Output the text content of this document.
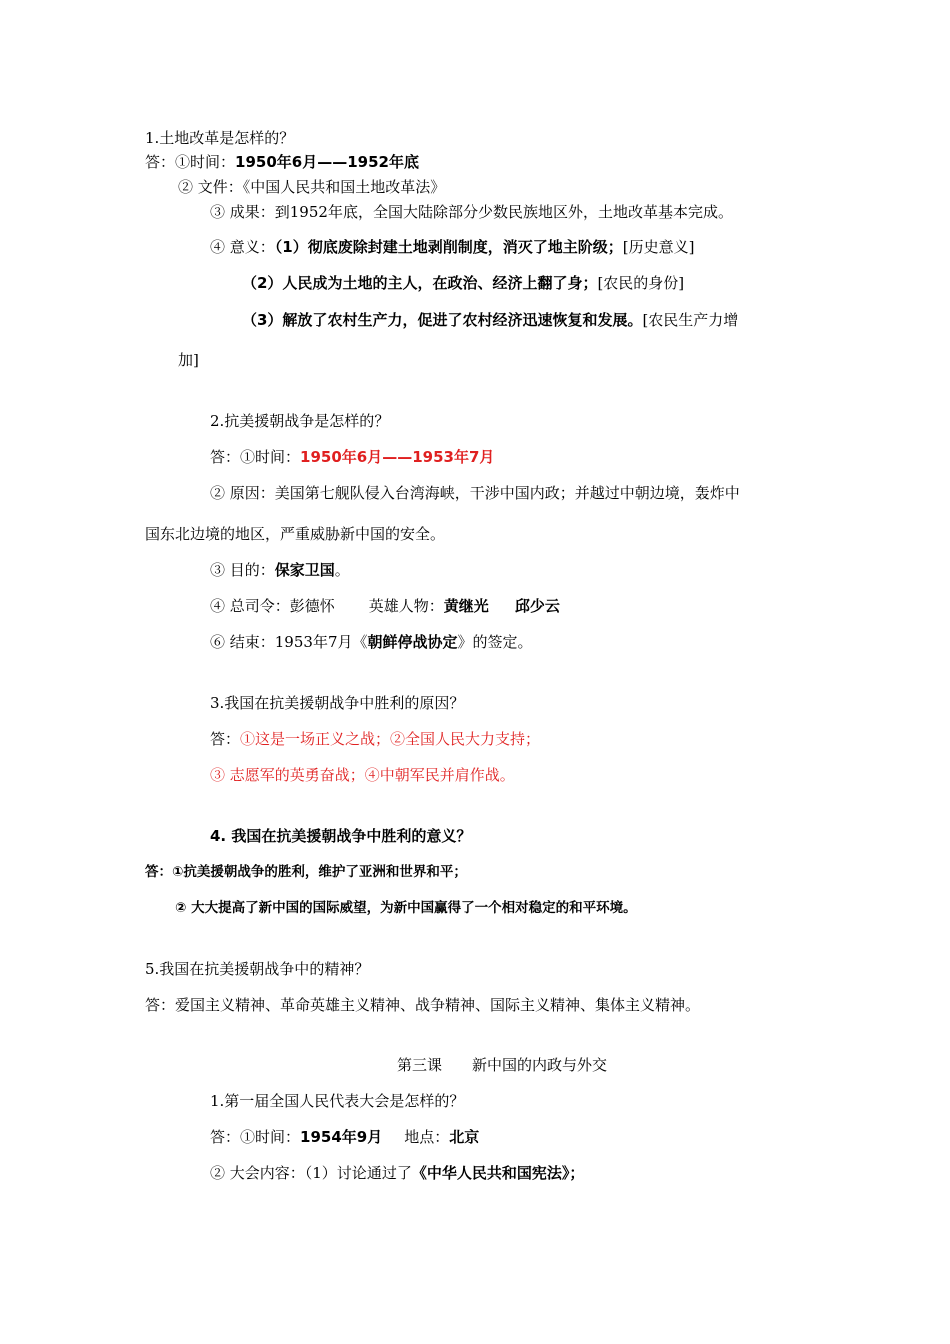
1.土地改革是怎样的？
答：①时间：1950年6月——1952年底
② 文件：《中国人民共和国土地改革法》
③ 成果：到1952年底，全国大陆除部分少数民族地区外，土地改革基本完成。
④ 意义：（1）彻底废除封建土地剥削制度，消灭了地主阶级；[历史意义]
（2）人民成为土地的主人，在政治、经济上翻了身；[农民的身份]
（3）解放了农村生产力，促进了农村经济迅速恢复和发展。[农民生产力增
加]
2.抗美援朝战争是怎样的？
答：①时间：1950年6月——1953年7月
② 原因：美国第七舰队侵入台湾海峡，干涉中国内政；并越过中朝边境，轰炸中
国东北边境的地区，严重威胁新中国的安全。
③ 目的：保家卫国。
④ 总司令：彭德怀 英雄人物：黄继光 邱少云
⑥ 结束：1953年7月《朝鲜停战协定》的签定。
3.我国在抗美援朝战争中胜利的原因？
答：①这是一场正义之战；②全国人民大力支持；
③ 志愿军的英勇奋战；④中朝军民并肩作战。
4. 我国在抗美援朝战争中胜利的意义？
答：①抗美援朝战争的胜利，维护了亚洲和世界和平；
② 大大提高了新中国的国际威望，为新中国赢得了一个相对稳定的和平环境。
5.我国在抗美援朝战争中的精神？
答：爱国主义精神、革命英雄主义精神、战争精神、国际主义精神、集体主义精神。
第三课　　新中国的内政与外交
1.第一届全国人民代表大会是怎样的？
答：①时间：1954年9月 地点：北京
② 大会内容：（1）讨论通过了《中华人民共和国宪法》；
